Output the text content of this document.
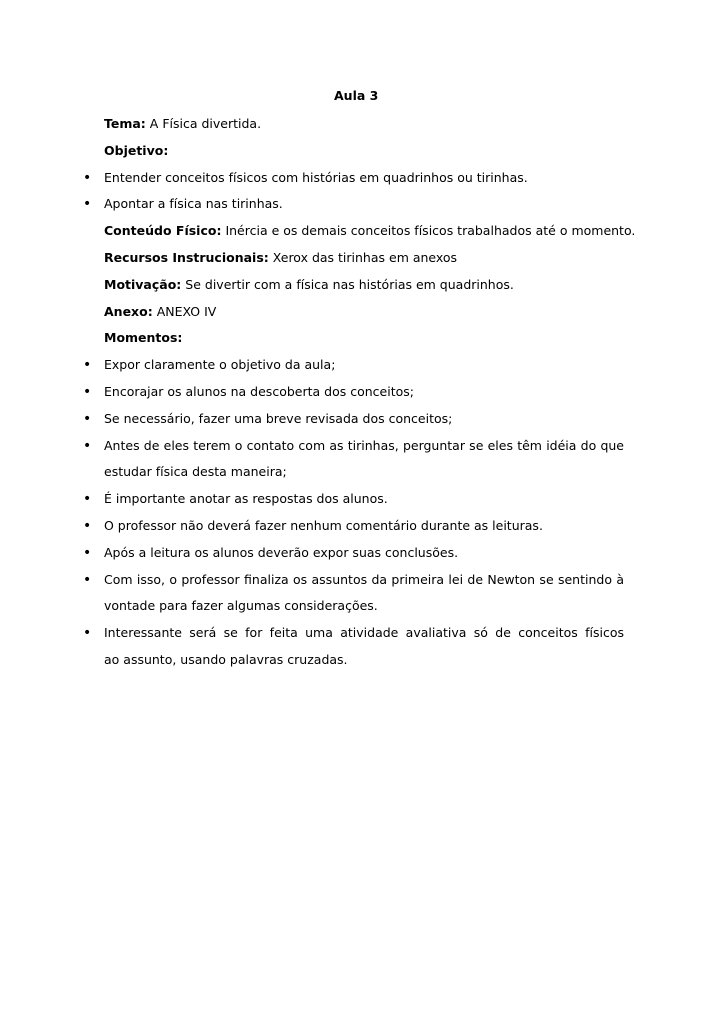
Aula 3
Tema: A Física divertida.
Objetivo:
• Entender conceitos físicos com histórias em quadrinhos ou tirinhas.
• Apontar a física nas tirinhas.
Conteúdo Físico: Inércia e os demais conceitos físicos trabalhados até o momento.
Recursos Instrucionais: Xerox das tirinhas em anexos
Motivação: Se divertir com a física nas histórias em quadrinhos.
Anexo: ANEXO IV
Momentos:
• Expor claramente o objetivo da aula;
• Encorajar os alunos na descoberta dos conceitos;
• Se necessário, fazer uma breve revisada dos conceitos;
• Antes de eles terem o contato com as tirinhas, perguntar se eles têm idéia do que
estudar física desta maneira;
• É importante anotar as respostas dos alunos.
• O professor não deverá fazer nenhum comentário durante as leituras.
• Após a leitura os alunos deverão expor suas conclusões.
• Com isso, o professor finaliza os assuntos da primeira lei de Newton se sentindo à
vontade para fazer algumas considerações.
• Interessante será se for feita uma atividade avaliativa só de conceitos físicos
ao assunto, usando palavras cruzadas.
